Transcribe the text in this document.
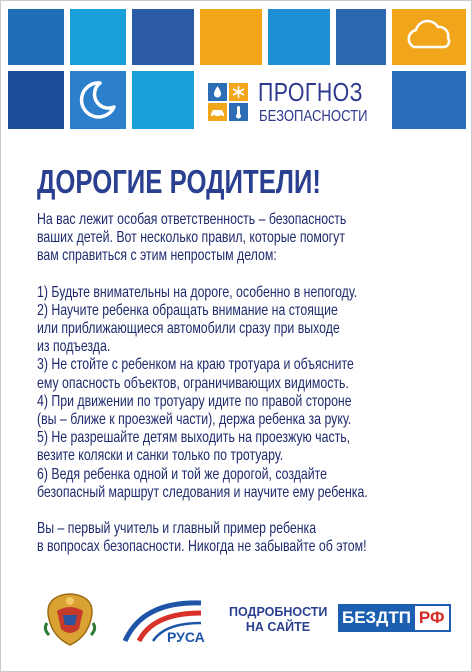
ПРОГНОЗ
БЕЗОПАСНОСТИ
ДОРОГИЕ РОДИТЕЛИ!

На вас лежит особая ответственность – безопасность

ваших детей. Вот несколько правил, которые помогут

вам справиться с этим непростым делом:

1) Будьте внимательны на дороге, особенно в непогоду.

2) Научите ребенка обращать внимание на стоящие

или приближающиеся автомобили сразу при выходе

из подъезда.

3) Не стойте с ребенком на краю тротуара и объясните

ему опасность объектов, ограничивающих видимость.

4) При движении по тротуару идите по правой стороне

(вы – ближе к проезжей части), держа ребенка за руку.

5) Не разрешайте детям выходить на проезжую часть,

везите коляски и санки только по тротуару.

6) Ведя ребенка одной и той же дорогой, создайте

безопасный маршрут следования и научите ему ребенка.

Вы – первый учитель и главный пример ребенка

в вопросах безопасности. Никогда не забывайте об этом!

РУСА
ПОДРОБНОСТИ
НА САЙТЕ	БЕЗДТП РФ
